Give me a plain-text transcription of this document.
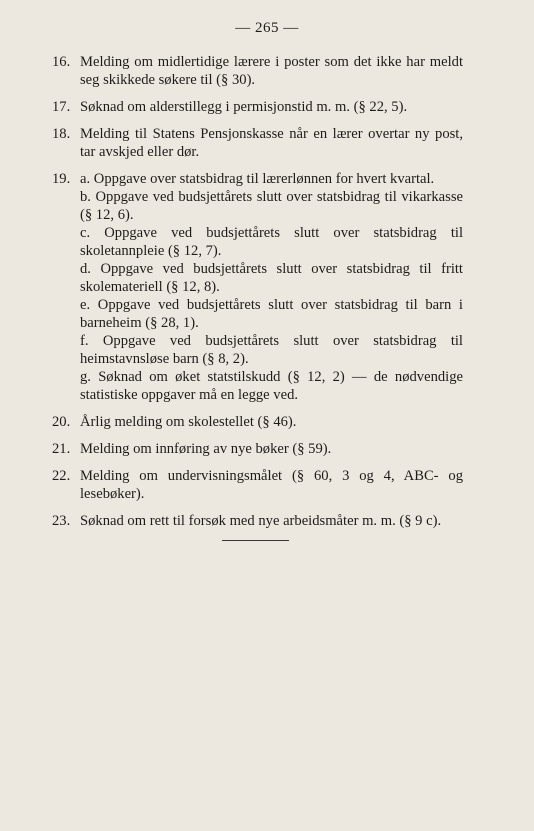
— 265 —
16. Melding om midlertidige lærere i poster som det ikke har meldt seg skikkede søkere til (§ 30).
17. Søknad om alderstillegg i permisjonstid m. m. (§ 22, 5).
18. Melding til Statens Pensjonskasse når en lærer overtar ny post, tar avskjed eller dør.
19. a. Oppgave over statsbidrag til lærerlønnen for hvert kvartal.
b. Oppgave ved budsjettårets slutt over statsbidrag til vikarkasse (§ 12, 6).
c. Oppgave ved budsjettårets slutt over statsbidrag til skoletannpleie (§ 12, 7).
d. Oppgave ved budsjettårets slutt over statsbidrag til fritt skolemateriell (§ 12, 8).
e. Oppgave ved budsjettårets slutt over statsbidrag til barn i barneheim (§ 28, 1).
f. Oppgave ved budsjettårets slutt over statsbidrag til heimstavnsløse barn (§ 8, 2).
g. Søknad om øket statstilskudd (§ 12, 2) — de nødvendige statistiske oppgaver må en legge ved.
20. Årlig melding om skolestellet (§ 46).
21. Melding om innføring av nye bøker (§ 59).
22. Melding om undervisningsmålet (§ 60, 3 og 4, ABC- og lesebøker).
23. Søknad om rett til forsøk med nye arbeidsmåter m. m. (§ 9 c).
